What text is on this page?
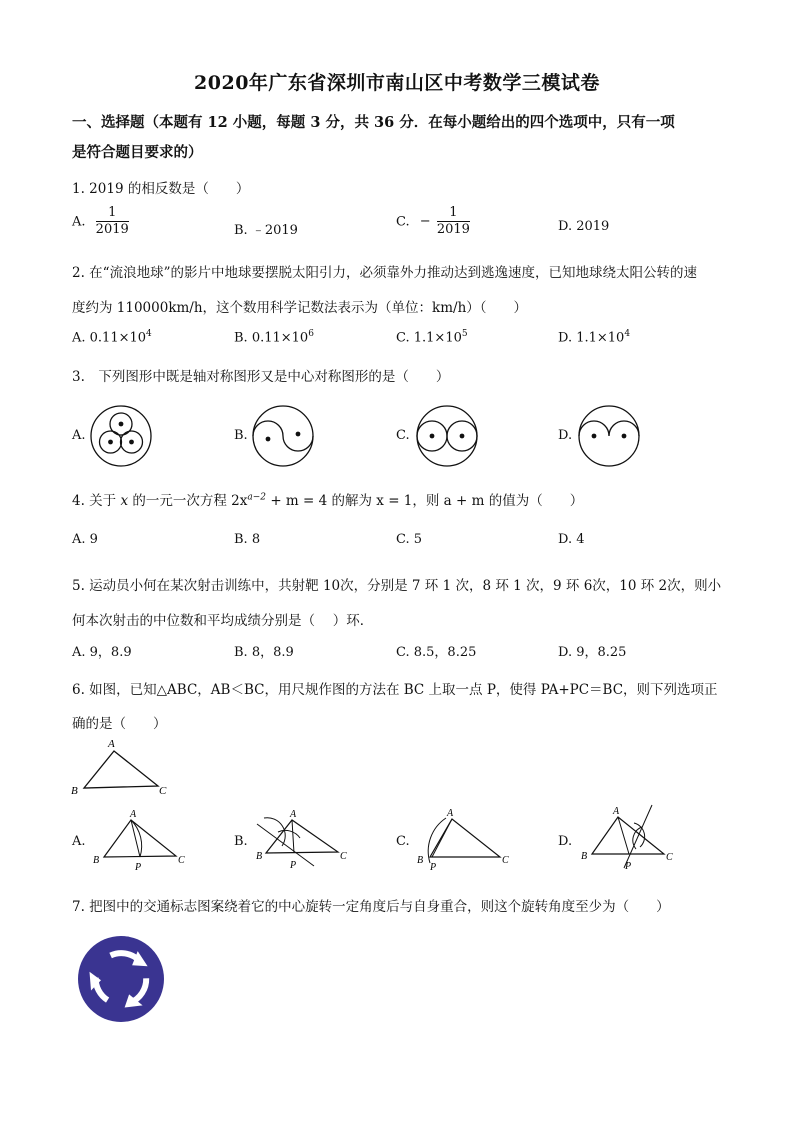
2020年广东省深圳市南山区中考数学三模试卷
一、选择题（本题有 12 小题，每题 3 分，共 36 分．在每小题给出的四个选项中，只有一项
是符合题目要求的）
1. 2019 的相反数是（　　）
A. $\frac{1}{2019}$	B. ﹣2019
C. − $\frac{1}{2019}$	D. 2019
2. 在“流浪地球”的影片中地球要摆脱太阳引力，必须靠外力推动达到逃逸速度，已知地球绕太阳公转的速
度约为 110000km/h，这个数用科学记数法表示为（单位：km/h）（　　）
A. $0.11\times 10^4$	B. $0.11\times 10^6$	C. $1.1\times 10^5$	D. $1.1\times 10^4$
3.　下列图形中既是轴对称图形又是中心对称图形的是（　　）
A.	B.	C.	D.
4. 关于 x 的一元一次方程 $2x^{a-2} + m = 4$ 的解为 x = 1，则 a + m 的值为（　　）
A. 9	B. 8	C. 5	D. 4
5. 运动员小何在某次射击训练中，共射靶 10次，分别是 7 环 1 次，8 环 1 次，9 环 6次，10 环 2次，则小
何本次射击的中位数和平均成绩分别是（　 ）环．
A. 9，8.9	B. 8，8.9	C. 8.5，8.25	D. 9，8.25
6. 如图，已知△ABC，AB＜BC，用尺规作图的方法在 BC 上取一点 P，使得 PA+PC＝BC，则下列选项正
确的是（　　）
A
B	C
A.
A
B	C
P
B.
A
B	C
P
C.
A
B	C
P
D.
A
B	C
P
7. 把图中的交通标志图案绕着它的中心旋转一定角度后与自身重合，则这个旋转角度至少为（　　）
